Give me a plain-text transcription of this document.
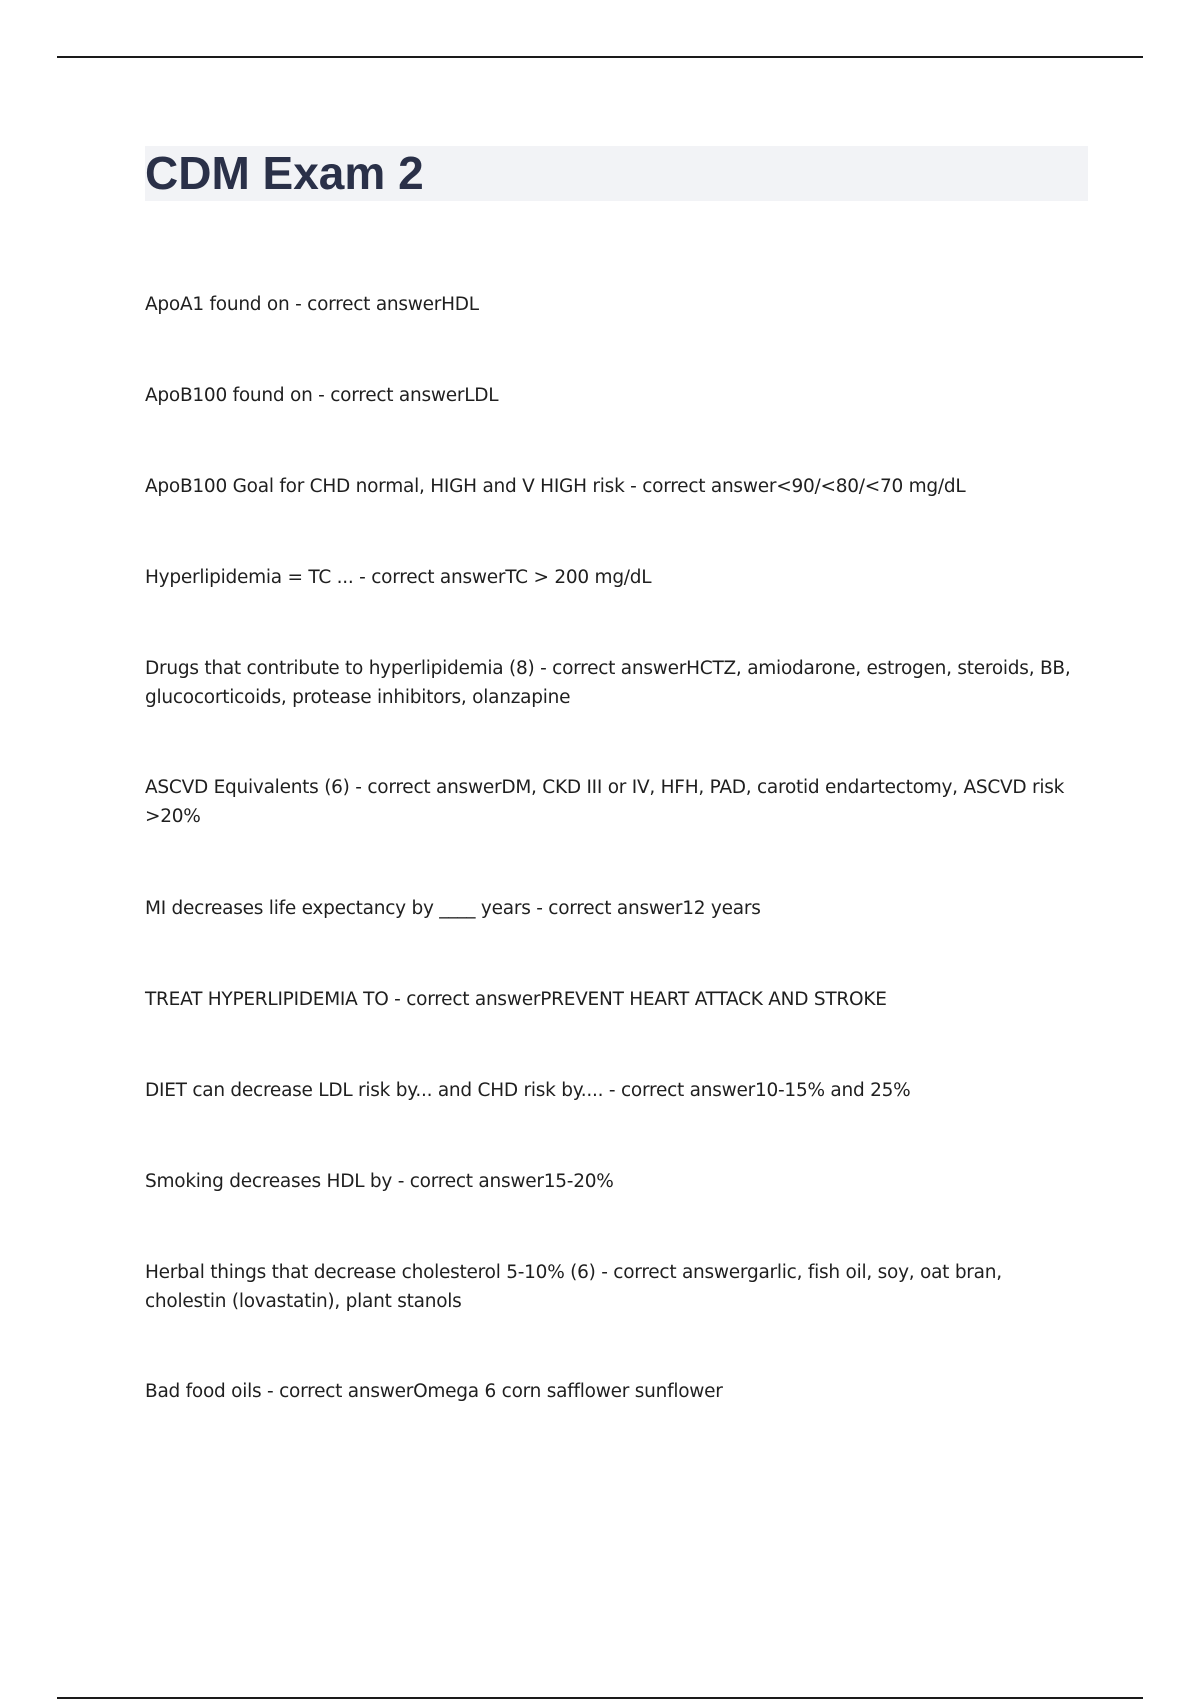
CDM Exam 2

ApoA1 found on - correct answerHDL

ApoB100 found on - correct answerLDL

ApoB100 Goal for CHD normal, HIGH and V HIGH risk - correct answer<90/<80/<70 mg/dL

Hyperlipidemia = TC ... - correct answerTC > 200 mg/dL

Drugs that contribute to hyperlipidemia (8) - correct answerHCTZ, amiodarone, estrogen, steroids, BB, glucocorticoids, protease inhibitors, olanzapine

ASCVD Equivalents (6) - correct answerDM, CKD III or IV, HFH, PAD, carotid endartectomy, ASCVD risk >20%

MI decreases life expectancy by ____ years - correct answer12 years

TREAT HYPERLIPIDEMIA TO - correct answerPREVENT HEART ATTACK AND STROKE

DIET can decrease LDL risk by... and CHD risk by.... - correct answer10-15% and 25%

Smoking decreases HDL by - correct answer15-20%

Herbal things that decrease cholesterol 5-10% (6) - correct answergarlic, fish oil, soy, oat bran, cholestin (lovastatin), plant stanols

Bad food oils - correct answerOmega 6 corn safflower sunflower
